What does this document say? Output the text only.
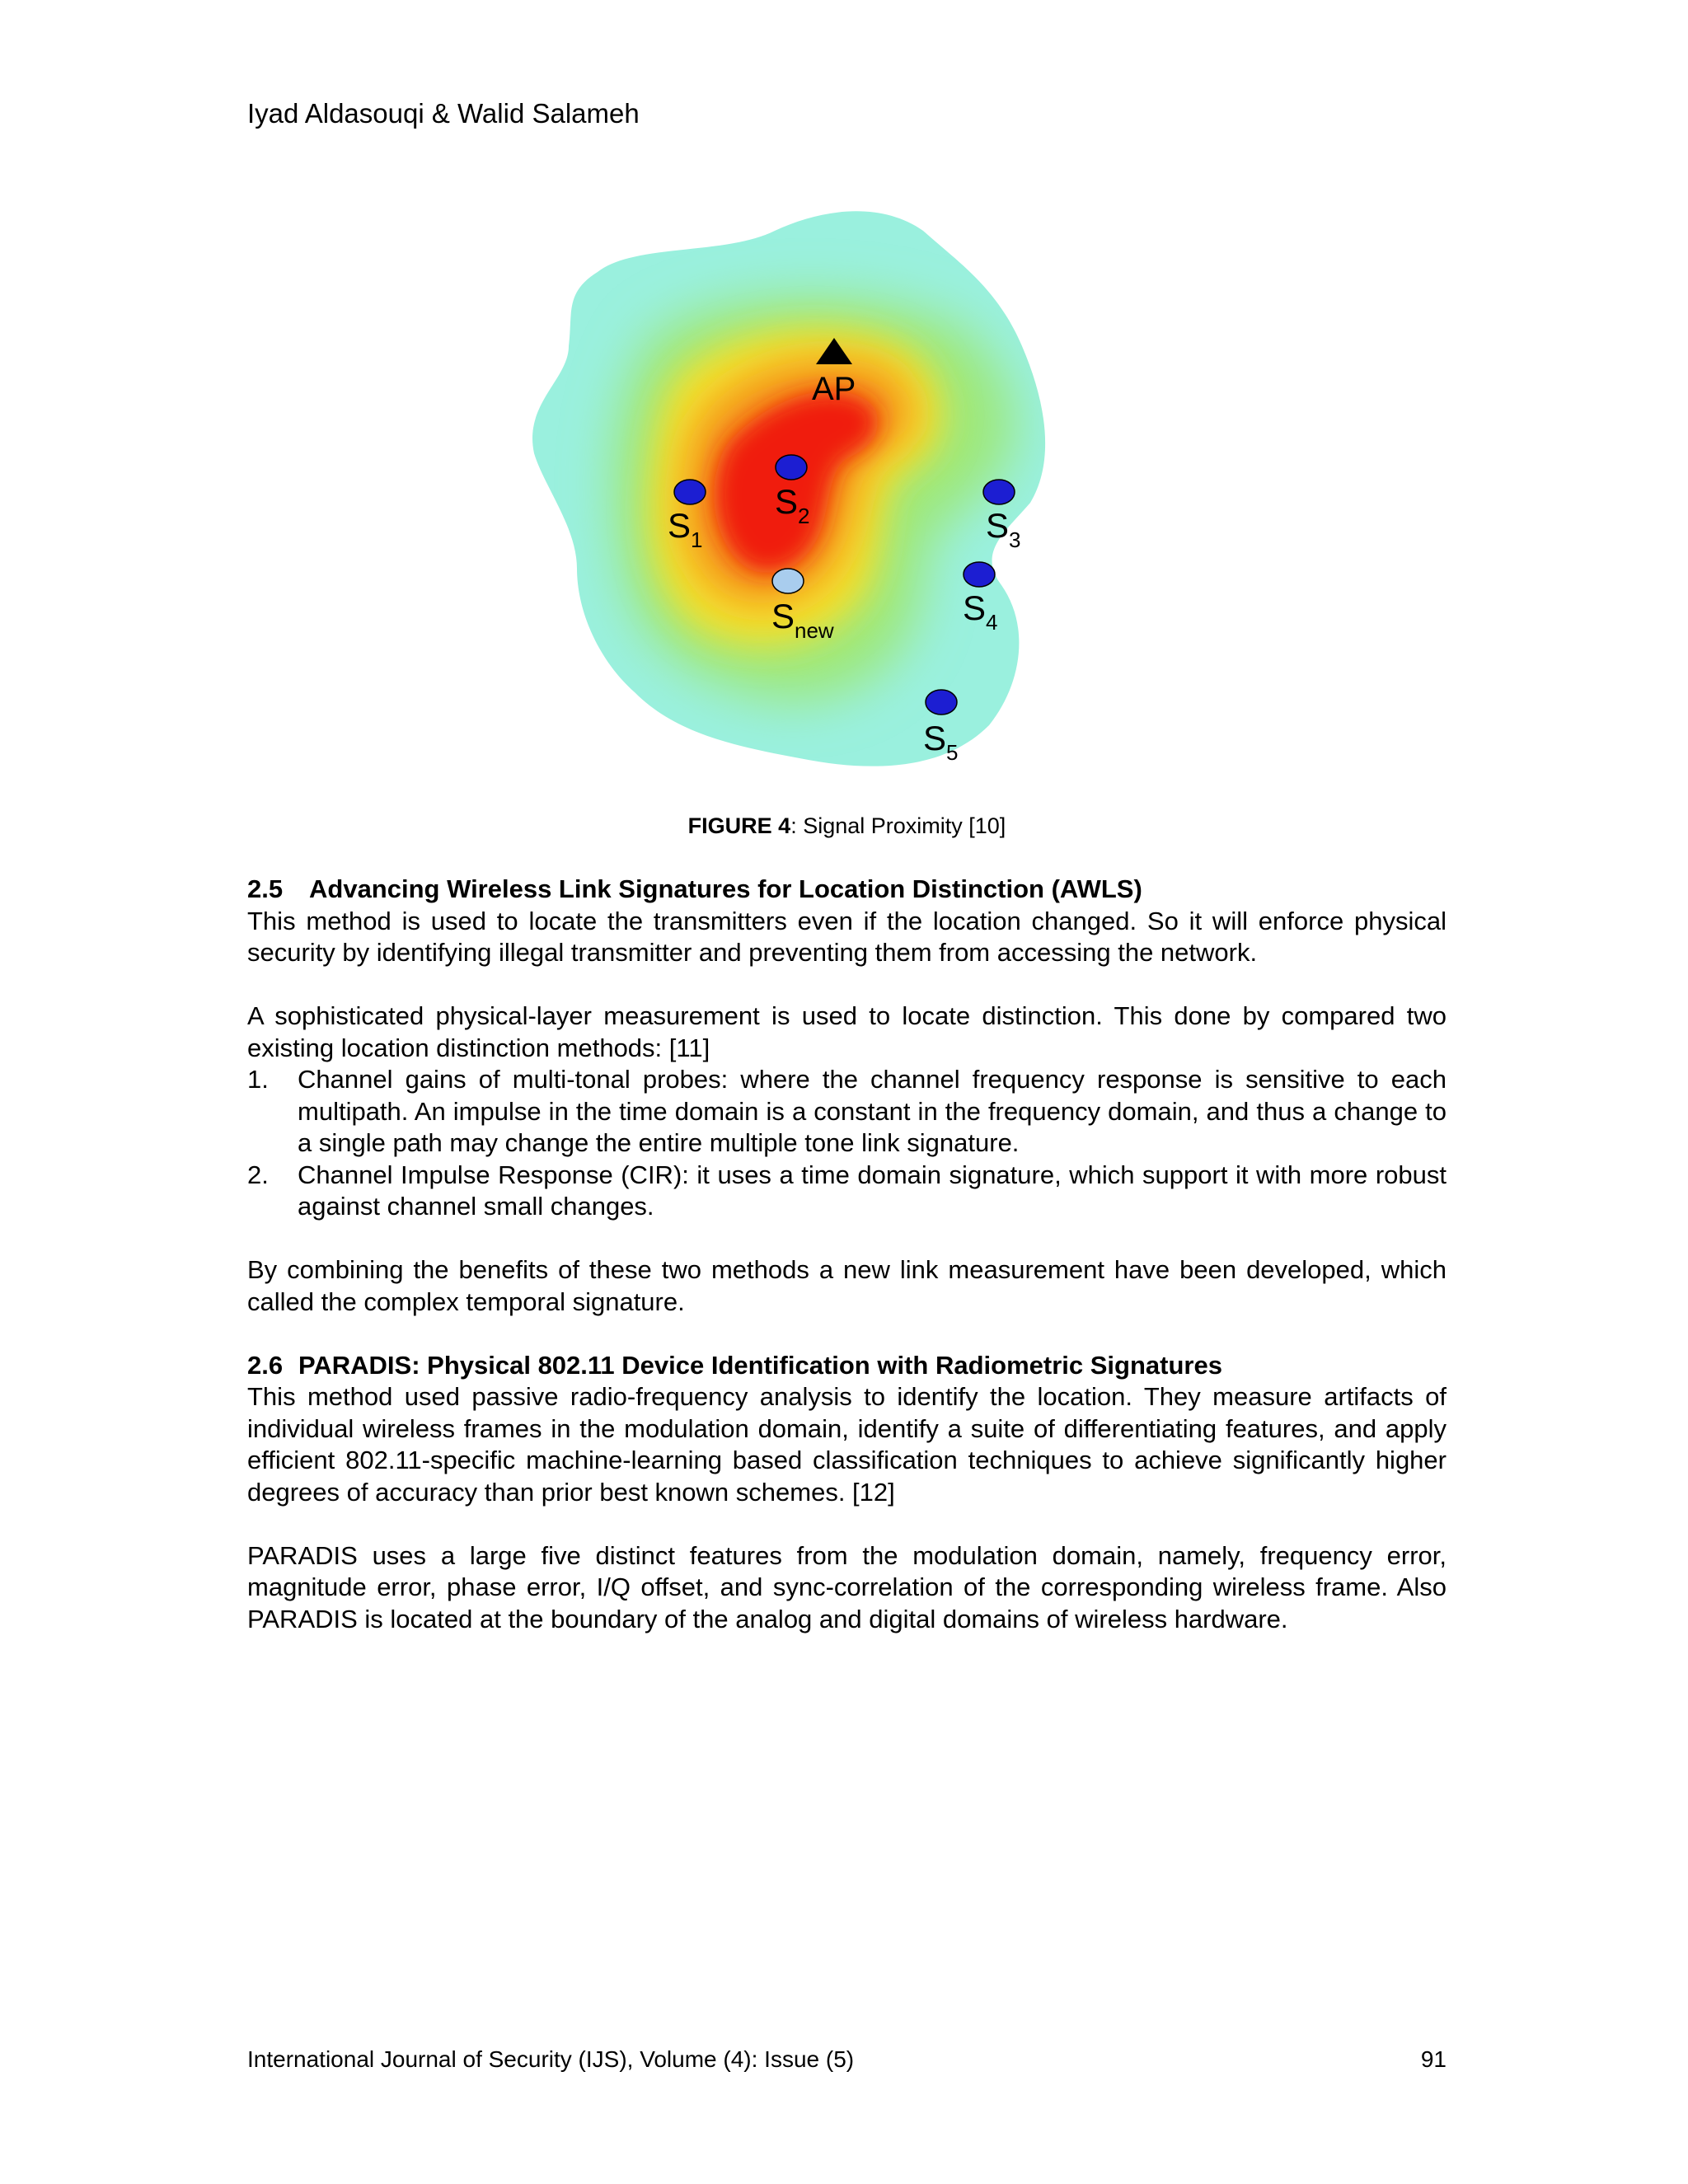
Iyad Aldasouqi & Walid Salameh
AP
$S_1$
$S_2$	$S_3$
$S_{new}$
$S_4$
$S_5$
FIGURE 4: Signal Proximity [10]
2.5 Advancing Wireless Link Signatures for Location Distinction (AWLS)

This method is used to locate the transmitters even if the location changed. So it will enforce physical security by identifying illegal transmitter and preventing them from accessing the network.

A sophisticated physical-layer measurement is used to locate distinction. This done by compared two existing location distinction methods: [11]

1.	Channel gains of multi-tonal probes: where the channel frequency response is sensitive to each multipath. An impulse in the time domain is a constant in the frequency domain, and thus a change to a single path may change the entire multiple tone link signature.
2.	Channel Impulse Response (CIR): it uses a time domain signature, which support it with more robust against channel small changes.

By combining the benefits of these two methods a new link measurement have been developed, which called the complex temporal signature.

2.6 PARADIS: Physical 802.11 Device Identification with Radiometric Signatures

This method used passive radio-frequency analysis to identify the location. They measure artifacts of individual wireless frames in the modulation domain, identify a suite of differentiating features, and apply efficient 802.11-specific machine-learning based classification techniques to achieve significantly higher degrees of accuracy than prior best known schemes. [12]

PARADIS uses a large five distinct features from the modulation domain, namely, frequency error, magnitude error, phase error, I/Q offset, and sync-correlation of the corresponding wireless frame. Also PARADIS is located at the boundary of the analog and digital domains of wireless hardware.

International Journal of Security (IJS), Volume (4): Issue (5)	91
